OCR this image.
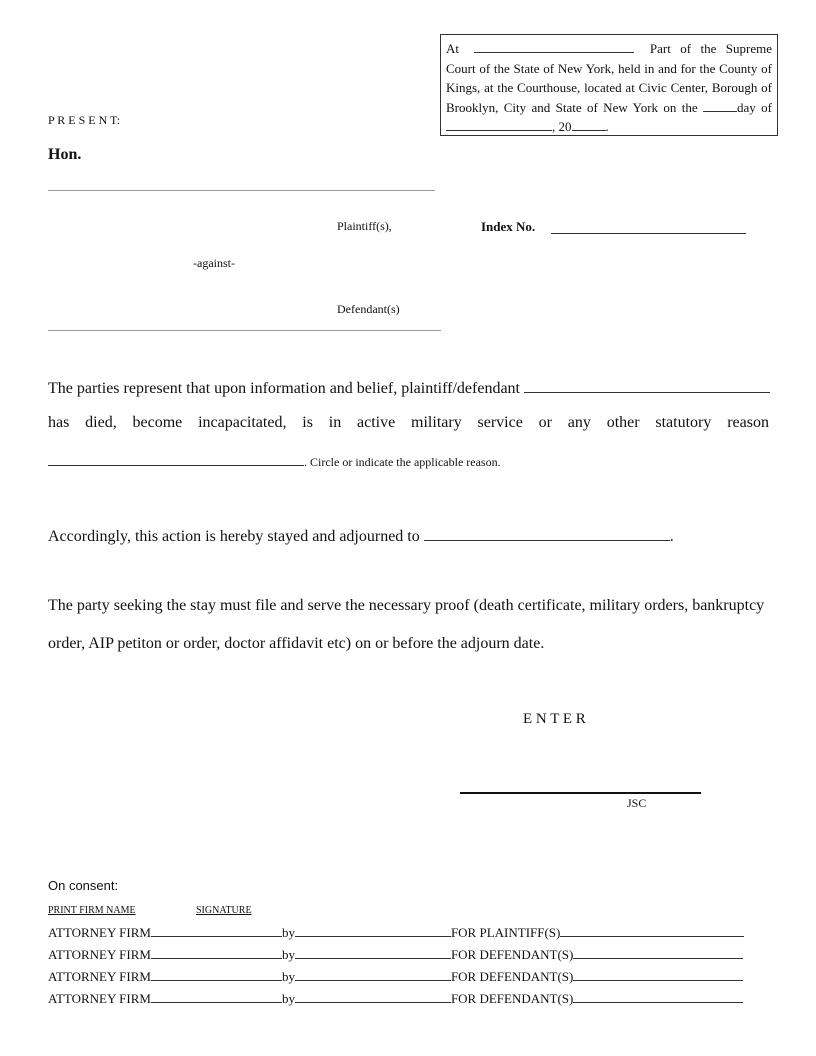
At	Part of the Supreme Court of the State of New York, held in and for the County of Kings, at the Courthouse, located at Civic Center, Borough of Brooklyn, City and State of New York on the	day of , 20	.
P R E S E N T:
Hon.
Plaintiff(s),	Index No.
-against-
Defendant(s)
The parties represent that upon information and belief, plaintiff/defendant
has died, become incapacitated, is in active military service or any other statutory reason
. Circle or indicate the applicable reason.
Accordingly, this action is hereby stayed and adjourned to	.
The party seeking the stay must file and serve the necessary proof (death certificate, military orders, bankruptcy
order, AIP petiton or order, doctor affidavit etc) on or before the adjourn date.
E N T E R
JSC
On consent:
PRINT FIRM NAME	SIGNATURE
ATTORNEY FIRM	by	FOR PLAINTIFF(S)
ATTORNEY FIRM	by	FOR DEFENDANT(S)
ATTORNEY FIRM	by	FOR DEFENDANT(S)
ATTORNEY FIRM	by	FOR DEFENDANT(S)
